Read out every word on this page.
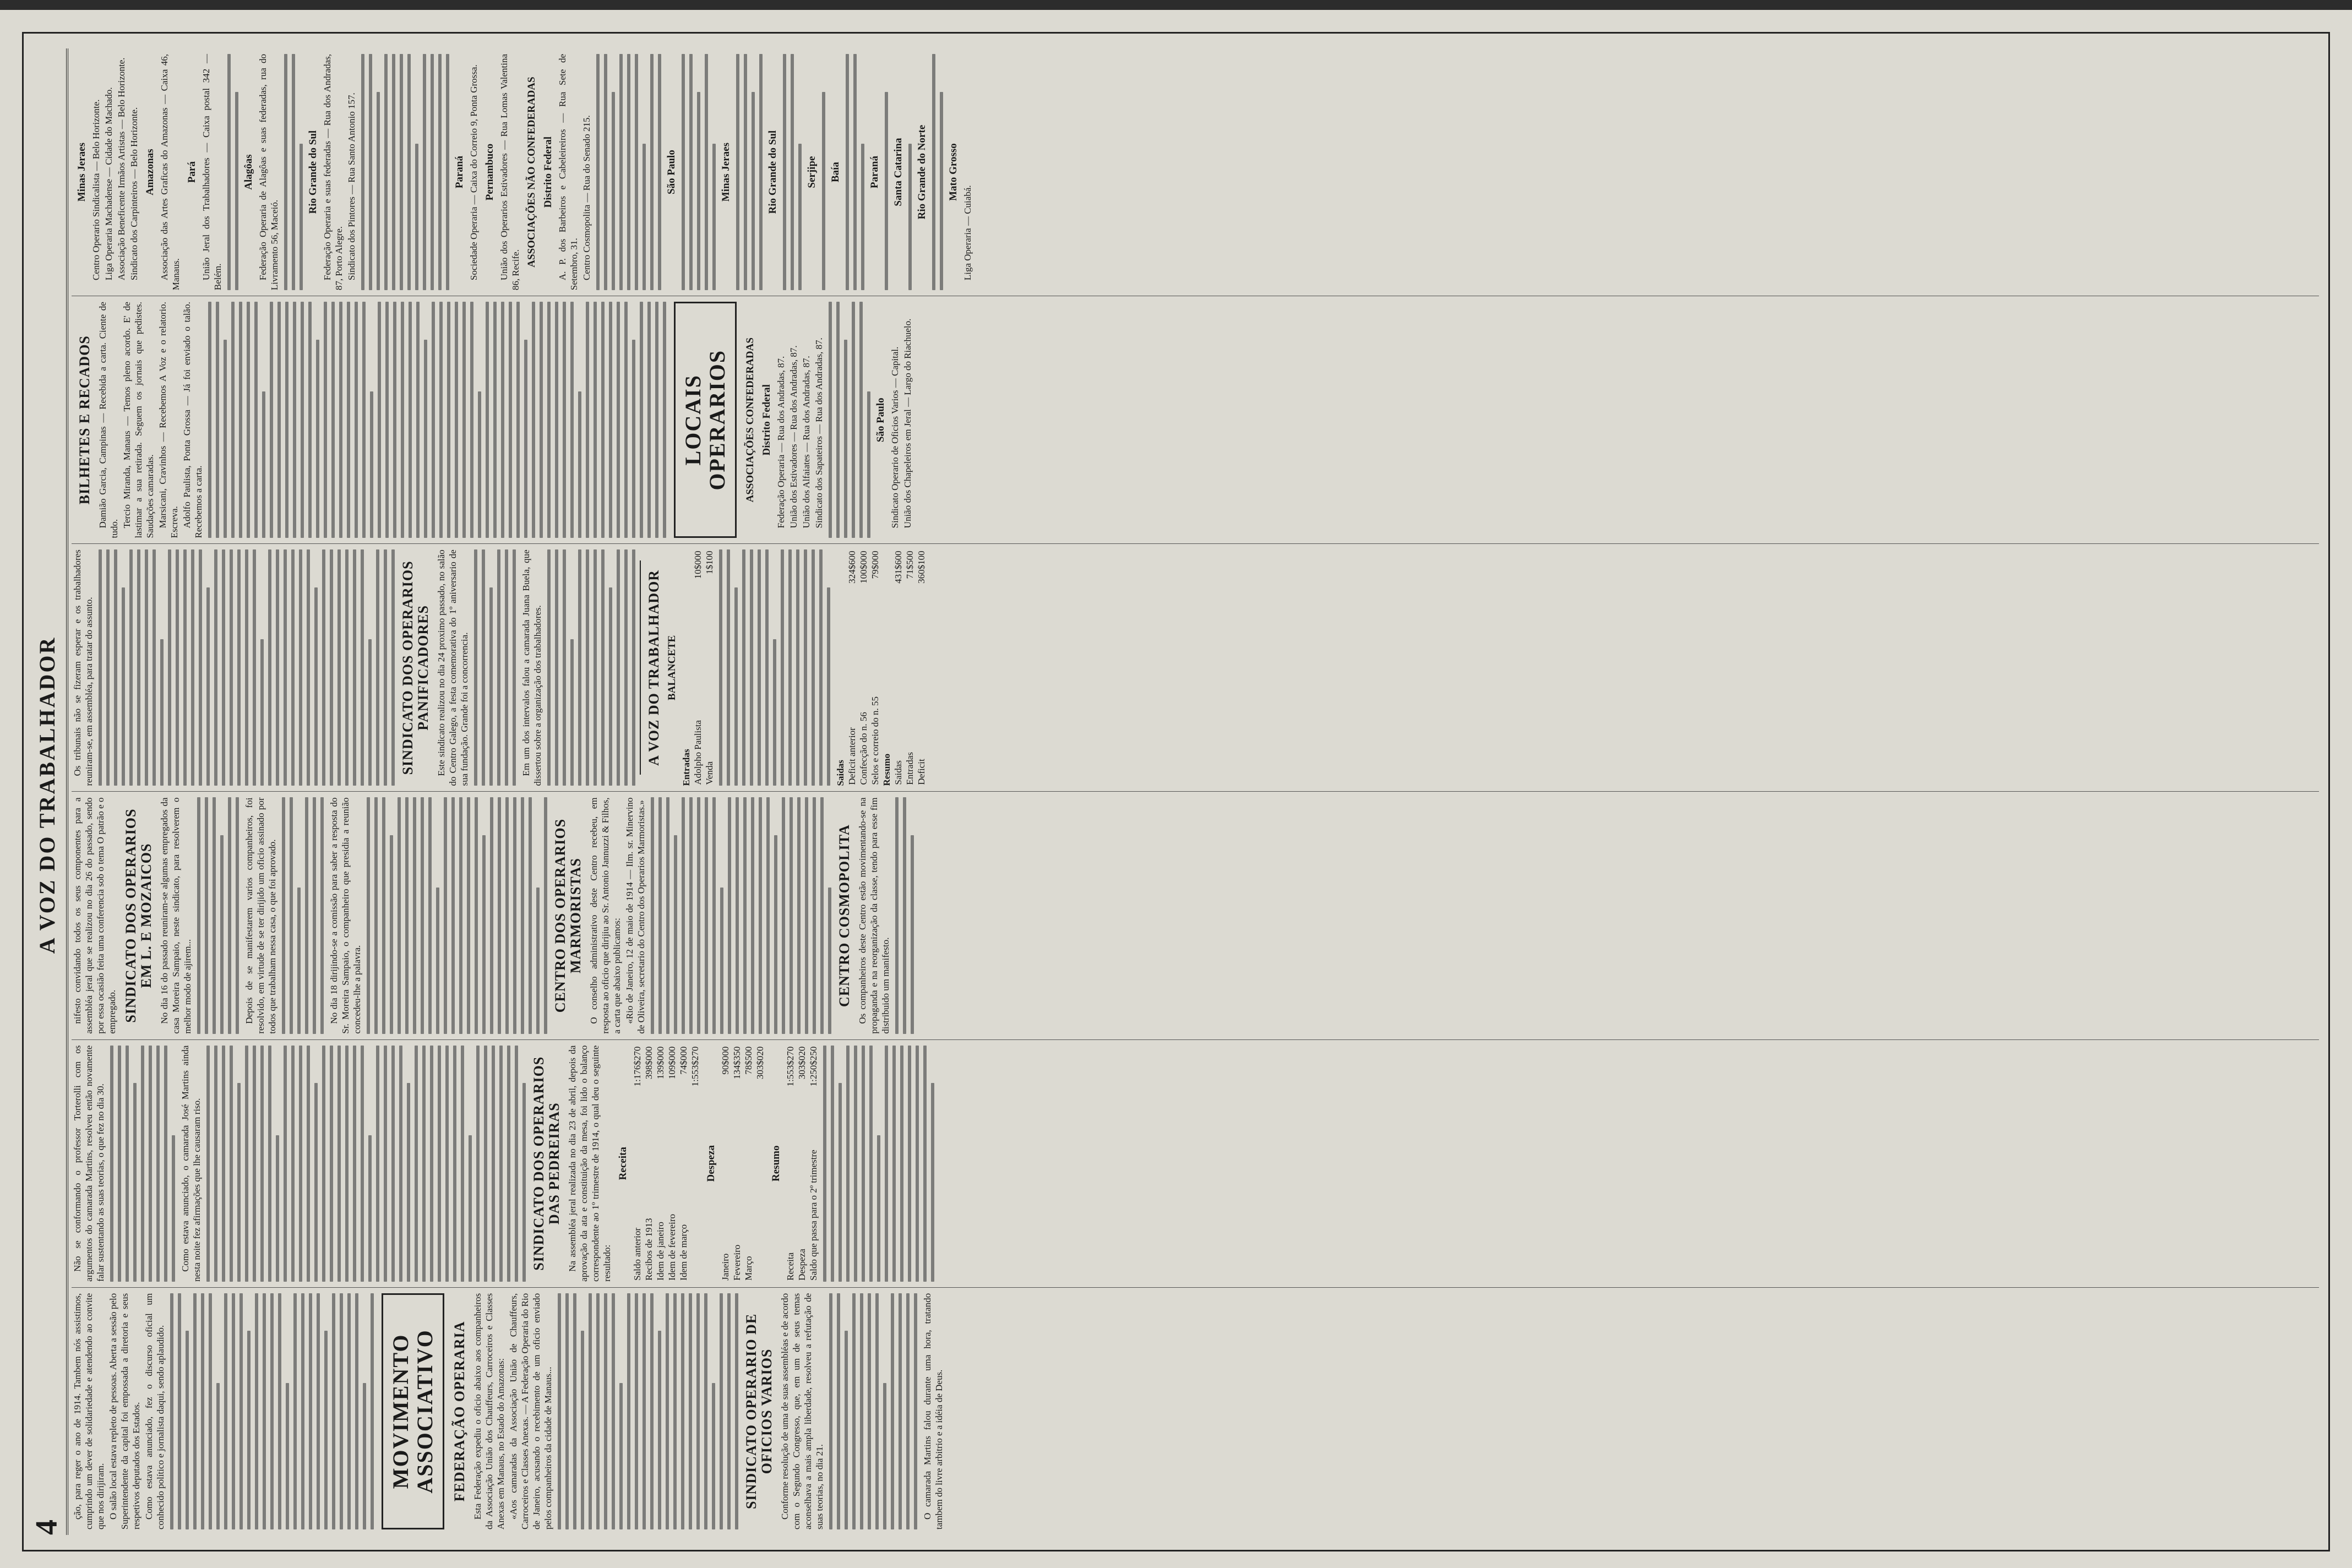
4
A VOZ DO TRABALHADOR

ção, para reger o ano de 1914. Tambem nós assistimos, cumprindo um dever de solidariedade e atendendo ao convite que nos dirijiram. O salão local estava repleto de pessoas. Aberta a sessão pelo Superintendente da capital foi empossada a diretoria e seus respetivos deputados dos Estados. Como estava anunciado, fez o discurso oficial um conhecido político e jornalista daqui, sendo aplaudido.	MOVIMENTO ASSOCIATIVO	FEDERAÇÃO OPERARIA Esta Federação expediu o oficio abaixo aos companheiros da Associação Uniāo dos Chauffeurs, Carroceiros e Classes Anexas em Manaus, no Estado do Amazonas: «Aos camaradas da Associação Uniāo de Chauffeurs, Carroceiros e Classes Anexas. — A Federação Operaria do Rio de Janeiro, acusando o recebimento de um oficio enviado pelos companheiros da cidade de Manaus...	SINDICATO OPERARIO DE OFICIOS VARIOS Conforme resolução de uma de suas assembléas e de acordo com o Segundo Congresso, que, em um de seus temas aconselhava a mais ampla liberdade, resolveu a refutação de suas teorias, no dia 21.	O camarada Martins falou durante uma hora, tratando tambem do livre arbitrio e a idéia de Deus.

Não se conformando o professor Torterolli com os argumentos do camarada Martins, resolveu então novamente falar sustentando as suas teorias, o que fez no dia 30.	Como estava anunciado, o camarada José Martins ainda nesta noite fez afirmações que lhe causaram riso.	SINDICATO DOS OPERARIOS DAS PEDREIRAS Na assembléa jeral realizada no dia 23 de abril, depois da aprovação da ata e constituição da mesa, foi lido o balanço correspondente ao 1º trimestre de 1914, o qual deu o seguinte resultado:

Receita
Saldo anterior	1:176$270
Recibos de 1913	398$000
Idem de janeiro	139$000
Idem de fevereiro	109$000
Idem de março	74$000
	1:553$270
Despeza
Janeiro	90$000
Fevereiro	134$350
Março	78$500
	303$020
Resumo
Receita	1:553$270
Despeza	303$020
Saldo que passa para o 2º trimestre	1:250$250

nifesto convidando todos os seus componentes para a assembléa jeral que se realizou no dia 26 do passado, sendo por essa ocasião feita uma conferencia sob o tema O patrão e o empregado. SINDICATO DOS OPERARIOS EM L. E MOZAICOS No dia 16 do passado reuniram-se algumas empregados da casa Moreira Sampaio, neste sindicato, para resolverem o melhor modo de ajirem...	Depois de se manifestarem varios companheiros, foi resolvido, em virtude de se ter dirijido um oficio assinado por todos que trabalham nessa casa, o que foi aprovado.	No dia 18 dirijindo-se a comissão para saber a resposta do Sr. Moreira Sampaio, o companheiro que presidia a reunião concedeu-lhe a palavra.	CENTRO DOS OPERARIOS MARMORISTAS O conselho administrativo deste Centro recebeu, em resposta ao oficio que dirijiu ao Sr. Antonio Jannuzzi & Filhos, a carta que abaixo publicamos: «Rio de Janeiro, 12 de maio de 1914 — Ilm. sr. Minervino de Oliveira, secretario do Centro dos Operarios Marmoristas.»	CENTRO COSMOPOLITA Os companheiros deste Centro estão movimentando-se na propaganda e na reorganização da classe, tendo para esse fim distribuido um manifesto.

Os tribunais não se fizeram esperar e os trabalhadores reuniram-se, em assembléa, para tratar do assunto.	SINDICATO DOS OPERARIOS PANIFICADORES Este sindicato realizou no dia 24 proximo passado, no salão do Centro Galego, a festa comemorativa do 1º aniversario de sua fundação. Grande foi a concorrencia.	Em um dos intervalos falou a camarada Juana Buela, que dissertou sobre a organização dos trabalhadores.	A VOZ DO TRABALHADOR BALANCETE
Entradas Adolpho Paulista	10$000
Venda	1$100
Saidas Deficit anterior	324$600
Confecção do n. 56	100$000
Selos e correio do n. 55	79$000
Resumo Saidas	431$600
Entradas	71$500
Deficit	360$100
BILHETES E RECADOS Damião Garcia, Campinas — Recebida a carta. Ciente de tudo.

Tercio Miranda, Manaus — Temos pleno acordo. E' de lastimar a sua retirada. Seguem os jornais que pedistes. Saudações camaradas. Marsicani, Cravinhos — Recebemos A Voz e o relatorio. Escreva. Adolfo Paulista, Ponta Grossa — Já foi enviado o talão. Recebemos a carta.

LOCAIS OPERARIOS	ASSOCIAÇÕES CONFEDERADAS Distrito Federal Federação Operaria — Rua dos Andradas, 87. União dos Estivadores — Rua dos Andradas, 87. União dos Alfaiates — Rua dos Andradas, 87. Sindicato dos Sapateiros — Rua dos Andradas, 87.	São Paulo Sindicato Operario de Oficios Varios — Capital. União dos Chapeleiros em Jeral — Largo do Riachuelo.

Minas Jeraes Centro Operario Sindicalista — Belo Horizonte. Liga Operaria Machadense — Cidade do Machado. Associação Beneficente Irmãos Artistas — Belo Horizonte. Sindicato dos Carpinteiros — Belo Horizonte. Amazonas Associação das Artes Graficas do Amazonas — Caixa 46, Manaus.

Pará União Jeral dos Trabalhadores — Caixa postal 342 — Belém.

Alagôas Federação Operaria de Alagôas e suas federadas, rua do Livramento 56, Maceió.

Rio Grande do Sul Federação Operaria e suas federadas — Rua dos Andradas, 87, Porto Alegre. Sindicato dos Pintores — Rua Santo Antonio 157.	Paraná Sociedade Operaria — Caixa do Correio 9, Ponta Grossa. Pernambuco União dos Operarios Estivadores — Rua Lomas Valentina 86, Recife.

ASSOCIAÇÕES NÃO CONFEDERADAS Distrito Federal A. P. dos Barbeiros e Cabeleireiros — Rua Sete de Setembro, 31. Centro Cosmopolita — Rua do Senado 215.	São Paulo	Minas Jeraes	Rio Grande do Sul	Serjipe Baía	Paraná Santa Catarina Rio Grande do Norte Mato Grosso

Liga Operaria — Cuiabá.
